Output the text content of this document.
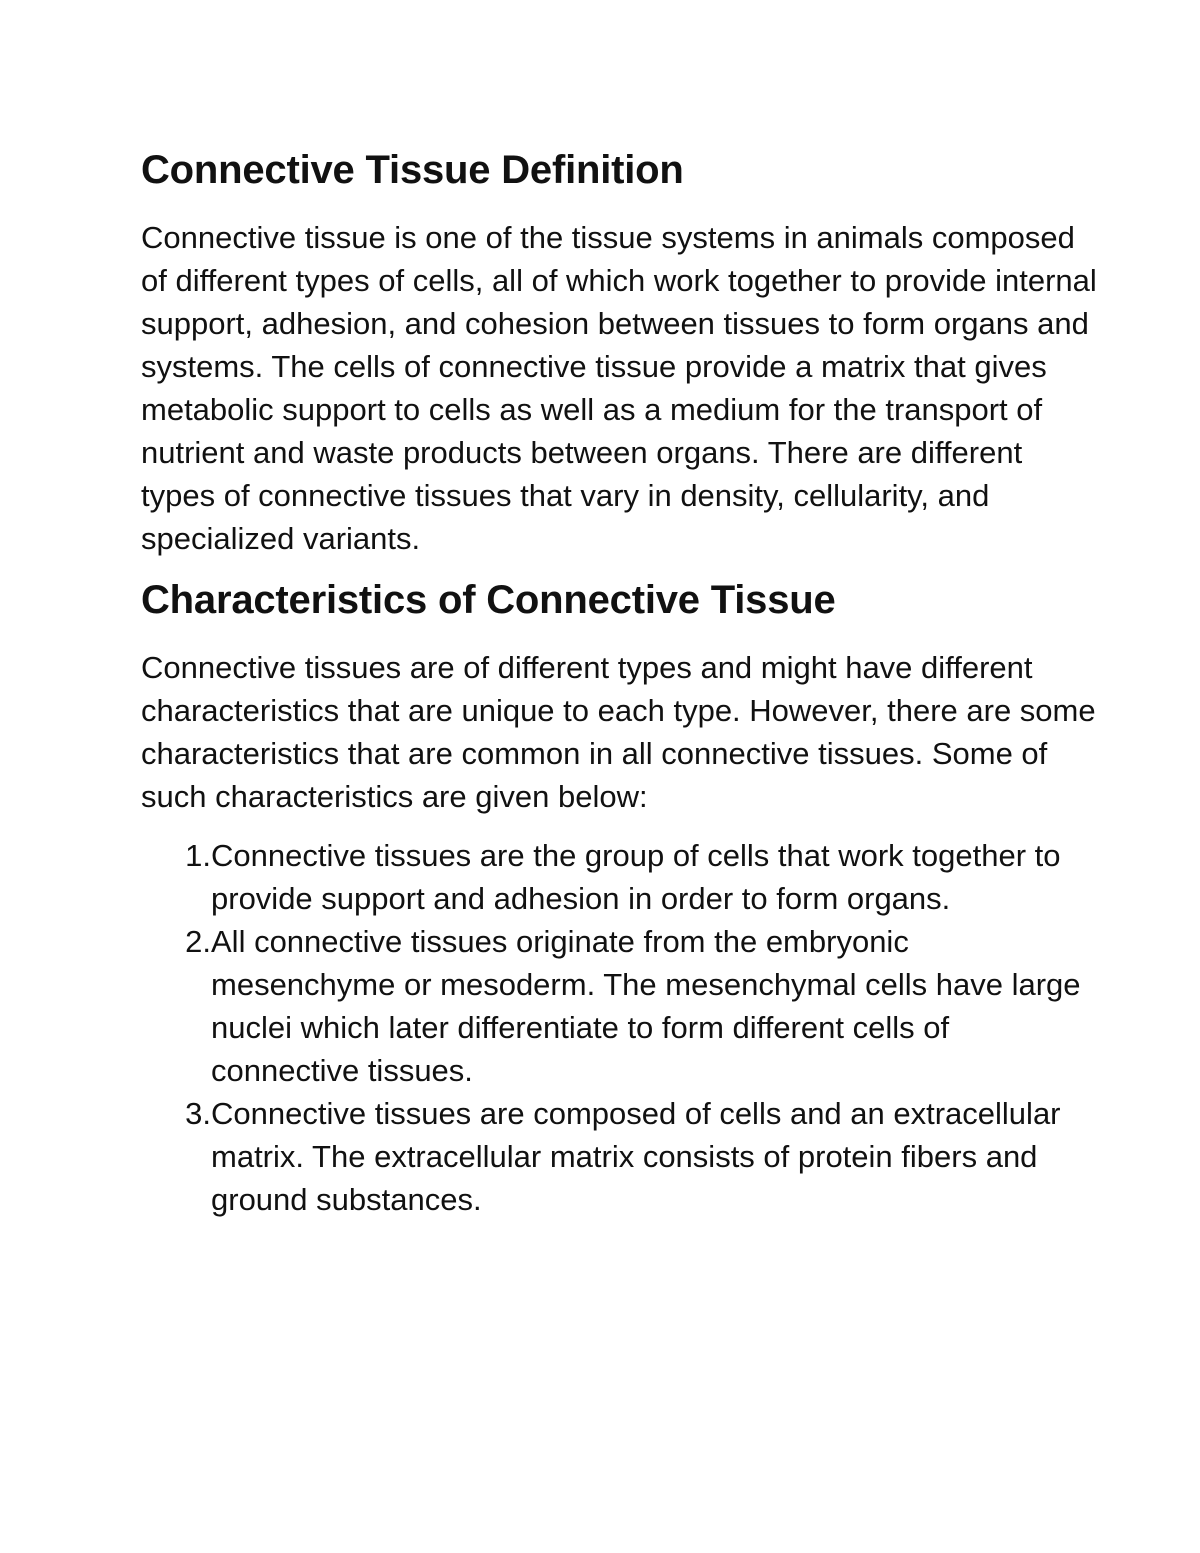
Connective Tissue Definition

Connective tissue is one of the tissue systems in animals composed of different types of cells, all of which work together to provide internal support, adhesion, and cohesion between tissues to form organs and systems. The cells of connective tissue provide a matrix that gives metabolic support to cells as well as a medium for the transport of nutrient and waste products between organs. There are different types of connective tissues that vary in density, cellularity, and specialized variants.

Characteristics of Connective Tissue

Connective tissues are of different types and might have different characteristics that are unique to each type. However, there are some characteristics that are common in all connective tissues. Some of such characteristics are given below:

1. Connective tissues are the group of cells that work together to provide support and adhesion in order to form organs.
2. All connective tissues originate from the embryonic mesenchyme or mesoderm. The mesenchymal cells have large nuclei which later differentiate to form different cells of connective tissues.
3. Connective tissues are composed of cells and an extracellular matrix. The extracellular matrix consists of protein fibers and ground substances.
